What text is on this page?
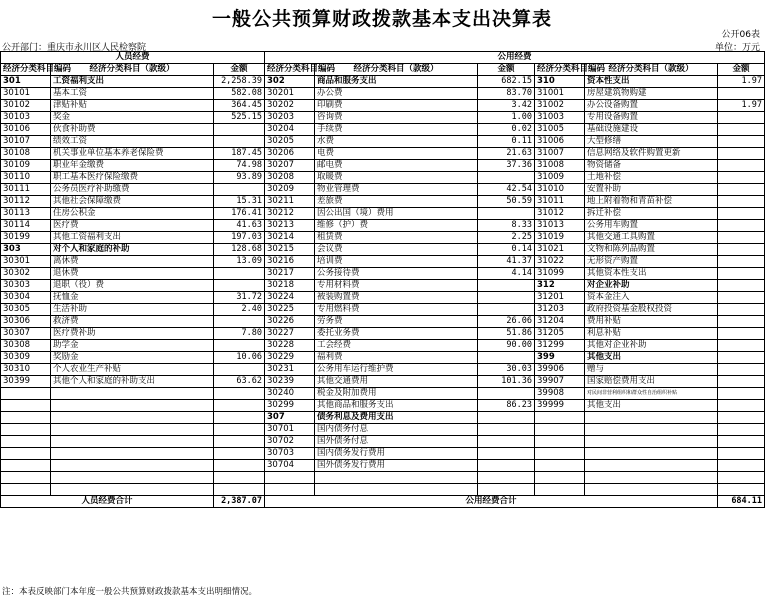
一般公共预算财政拨款基本支出决算表
公开06表
公开部门：重庆市永川区人民检察院	单位：万元
人员经费			公用经费					
经济分类科目编码	经济分类科目（款级）	金额	经济分类科目编码	经济分类科目（款级）	金额	经济分类科目编码	经济分类科目（款级）	金额
301	工资福利支出	2,258.39	302	商品和服务支出	682.15	310	资本性支出	1.97
30101	基本工资	582.08	30201	办公费	83.70	31001	房屋建筑物购建	
30102	津贴补贴	364.45	30202	印刷费	3.42	31002	办公设备购置	1.97
30103	奖金	525.15	30203	咨询费	1.00	31003	专用设备购置	
30106	伙食补助费		30204	手续费	0.02	31005	基础设施建设	
30107	绩效工资		30205	水费	0.11	31006	大型修缮	
30108	机关事业单位基本养老保险费	187.45	30206	电费	21.63	31007	信息网络及软件购置更新	
30109	职业年金缴费	74.98	30207	邮电费	37.36	31008	物资储备	
30110	职工基本医疗保险缴费	93.89	30208	取暖费		31009	土地补偿	
30111	公务员医疗补助缴费		30209	物业管理费	42.54	31010	安置补助	
30112	其他社会保障缴费	15.31	30211	差旅费	50.59	31011	地上附着物和青苗补偿	
30113	住房公积金	176.41	30212	因公出国（境）费用		31012	拆迁补偿	
30114	医疗费	41.63	30213	维修（护）费	8.33	31013	公务用车购置	
30199	其他工资福利支出	197.03	30214	租赁费	2.25	31019	其他交通工具购置	
303	对个人和家庭的补助	128.68	30215	会议费	0.14	31021	文物和陈列品购置	
30301	离休费	13.09	30216	培训费	41.37	31022	无形资产购置	
30302	退休费		30217	公务接待费	4.14	31099	其他资本性支出	
30303	退职（役）费		30218	专用材料费		312	对企业补助	
30304	抚恤金	31.72	30224	被装购置费		31201	资本金注入	
30305	生活补助	2.40	30225	专用燃料费		31203	政府投资基金股权投资	
30306	救济费		30226	劳务费	26.06	31204	费用补贴	
30307	医疗费补助	7.80	30227	委托业务费	51.86	31205	利息补贴	
30308	助学金		30228	工会经费	90.00	31299	其他对企业补助	
30309	奖励金	10.06	30229	福利费		399	其他支出	
30310	个人农业生产补贴		30231	公务用车运行维护费	30.03	39906	赠与	
30399	其他个人和家庭的补助支出	63.62	30239	其他交通费用	101.36	39907	国家赔偿费用支出	
			30240	税金及附加费用		39908	对民间非营利组织和群众性自治组织补贴	
			30299	其他商品和服务支出	86.23	39999	其他支出	
			307	债务利息及费用支出				
			30701	国内债务付息				
			30702	国外债务付息				
			30703	国内债务发行费用				
			30704	国外债务发行费用				

人员经费合计		2,387.07	公用经费合计					684.11
注：本表反映部门本年度一般公共预算财政拨款基本支出明细情况。
